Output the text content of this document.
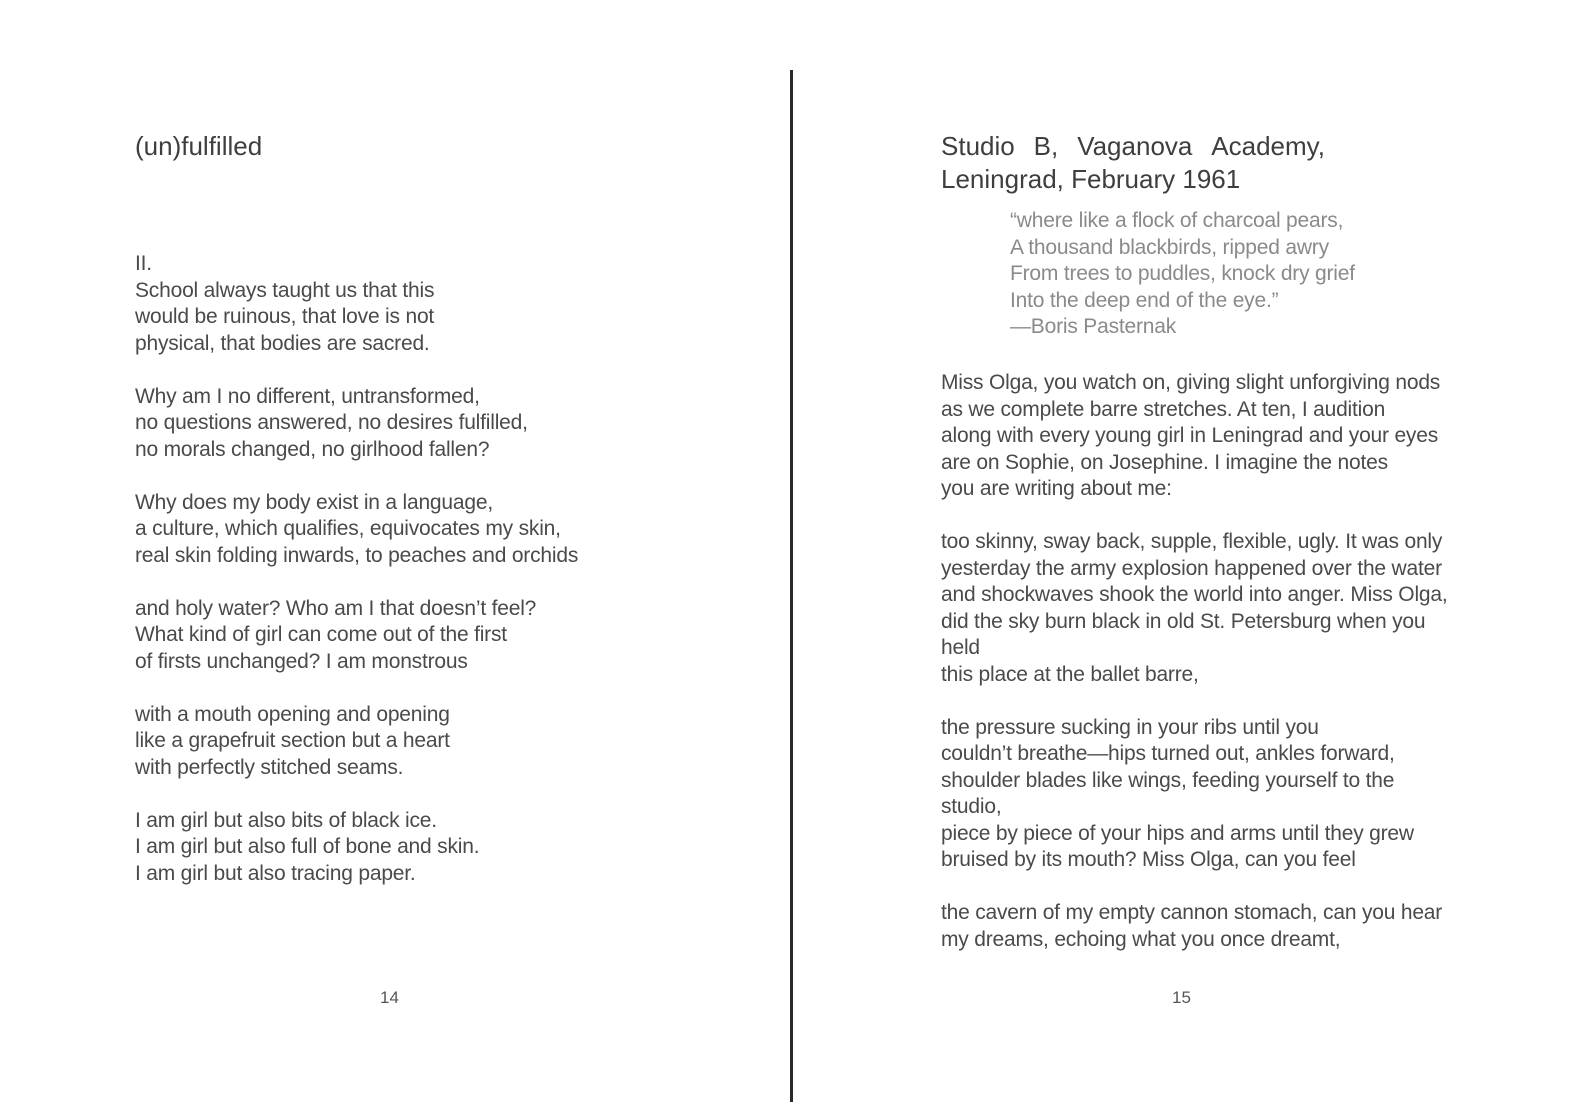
(un)fulfilled
II.
School always taught us that this
would be ruinous, that love is not
physical, that bodies are sacred.
Why am I no different, untransformed,
no questions answered, no desires fulfilled,
no morals changed, no girlhood fallen?
Why does my body exist in a language,
a culture, which qualifies, equivocates my skin,
real skin folding inwards, to peaches and orchids
and holy water? Who am I that doesn’t feel?
What kind of girl can come out of the first
of firsts unchanged? I am monstrous
with a mouth opening and opening
like a grapefruit section but a heart
with perfectly stitched seams.
I am girl but also bits of black ice.
I am girl but also full of bone and skin.
I am girl but also tracing paper.
14
Studio B, Vaganova Academy,
Leningrad, February 1961
“where like a flock of charcoal pears,
A thousand blackbirds, ripped awry
From trees to puddles, knock dry grief
Into the deep end of the eye.”
—Boris Pasternak
Miss Olga, you watch on, giving slight unforgiving nods
as we complete barre stretches. At ten, I audition
along with every young girl in Leningrad and your eyes
are on Sophie, on Josephine. I imagine the notes
you are writing about me:
too skinny, sway back, supple, flexible, ugly. It was only
yesterday the army explosion happened over the water
and shockwaves shook the world into anger. Miss Olga,
did the sky burn black in old St. Petersburg when you
held
this place at the ballet barre,
the pressure sucking in your ribs until you
couldn’t breathe—hips turned out, ankles forward,
shoulder blades like wings, feeding yourself to the
studio,
piece by piece of your hips and arms until they grew
bruised by its mouth? Miss Olga, can you feel
the cavern of my empty cannon stomach, can you hear
my dreams, echoing what you once dreamt,
15
